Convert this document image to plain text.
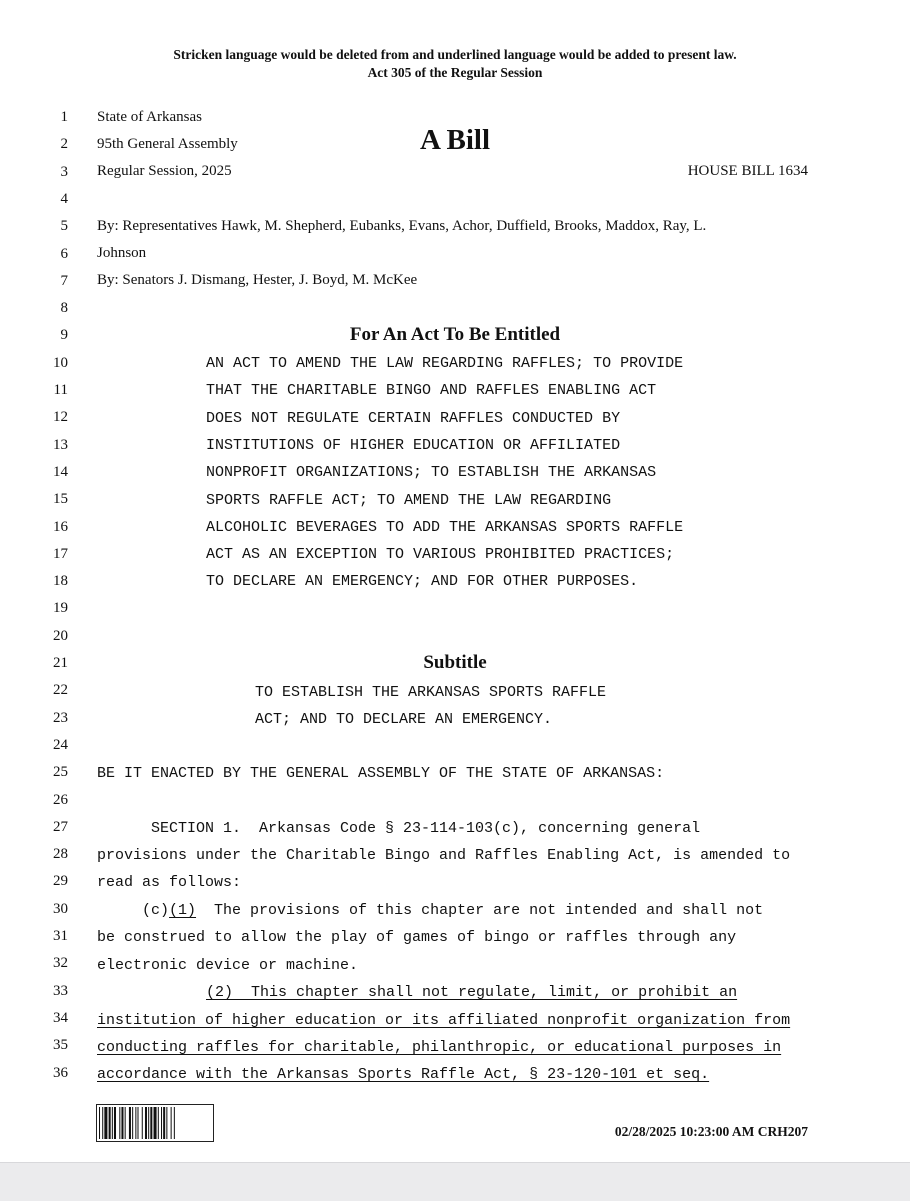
Stricken language would be deleted from and underlined language would be added to present law.
Act 305 of the Regular Session
1
2
3
4
5
6
7
8
9
10
11
12
13
14
15
16
17
18
19
20
21
22
23
24
25
26
27
28
29
30
31
32
33
34
35
36
State of Arkansas
95th General Assembly
Regular Session, 2025
A Bill
HOUSE BILL 1634
By: Representatives Hawk, M. Shepherd, Eubanks, Evans, Achor, Duffield, Brooks, Maddox, Ray, L.
Johnson
By: Senators J. Dismang, Hester, J. Boyd, M. McKee
For An Act To Be Entitled
AN ACT TO AMEND THE LAW REGARDING RAFFLES; TO PROVIDE
THAT THE CHARITABLE BINGO AND RAFFLES ENABLING ACT
DOES NOT REGULATE CERTAIN RAFFLES CONDUCTED BY
INSTITUTIONS OF HIGHER EDUCATION OR AFFILIATED
NONPROFIT ORGANIZATIONS; TO ESTABLISH THE ARKANSAS
SPORTS RAFFLE ACT; TO AMEND THE LAW REGARDING
ALCOHOLIC BEVERAGES TO ADD THE ARKANSAS SPORTS RAFFLE
ACT AS AN EXCEPTION TO VARIOUS PROHIBITED PRACTICES;
TO DECLARE AN EMERGENCY; AND FOR OTHER PURPOSES.
Subtitle
TO ESTABLISH THE ARKANSAS SPORTS RAFFLE
ACT; AND TO DECLARE AN EMERGENCY.
BE IT ENACTED BY THE GENERAL ASSEMBLY OF THE STATE OF ARKANSAS:
SECTION 1.  Arkansas Code § 23-114-103(c), concerning general
provisions under the Charitable Bingo and Raffles Enabling Act, is amended to
read as follows:
(c)(1)  The provisions of this chapter are not intended and shall not
be construed to allow the play of games of bingo or raffles through any
electronic device or machine.
(2)  This chapter shall not regulate, limit, or prohibit an
institution of higher education or its affiliated nonprofit organization from
conducting raffles for charitable, philanthropic, or educational purposes in
accordance with the Arkansas Sports Raffle Act, § 23-120-101 et seq.
02/28/2025 10:23:00 AM CRH207
